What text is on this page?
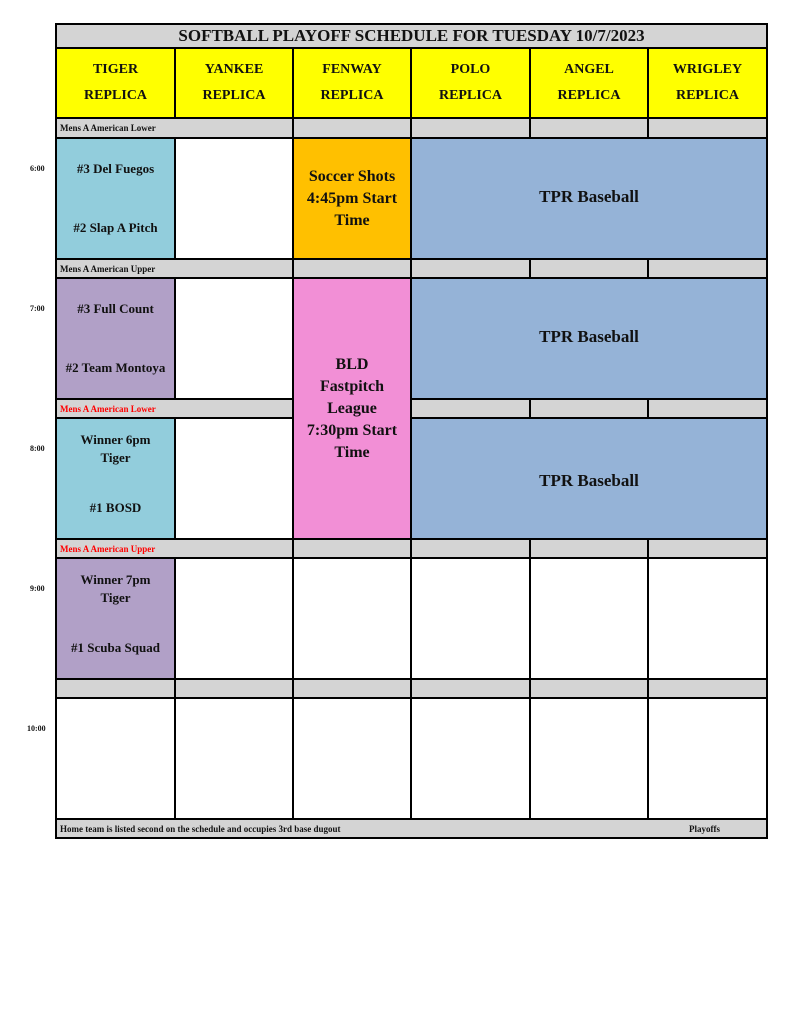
SOFTBALL PLAYOFF SCHEDULE FOR TUESDAY 10/7/2023
TIGER
REPLICA
YANKEE
REPLICA
FENWAY
REPLICA
POLO
REPLICA
ANGEL
REPLICA
WRIGLEY
REPLICA
Mens A American Lower
Mens A American Upper
Mens A American Lower
Mens A American Upper
6:00
7:00
8:00
9:00
10:00
#3 Del Fuegos
#2 Slap A Pitch
#3 Full Count
#2 Team Montoya
Winner 6pm Tiger
#1 BOSD
Winner 7pm Tiger
#1 Scuba Squad
Soccer Shots 4:45pm Start Time
BLD Fastpitch League 7:30pm Start Time
TPR Baseball
TPR Baseball
TPR Baseball
Home team is listed second on the schedule and occupies 3rd base dugout	Playoffs
